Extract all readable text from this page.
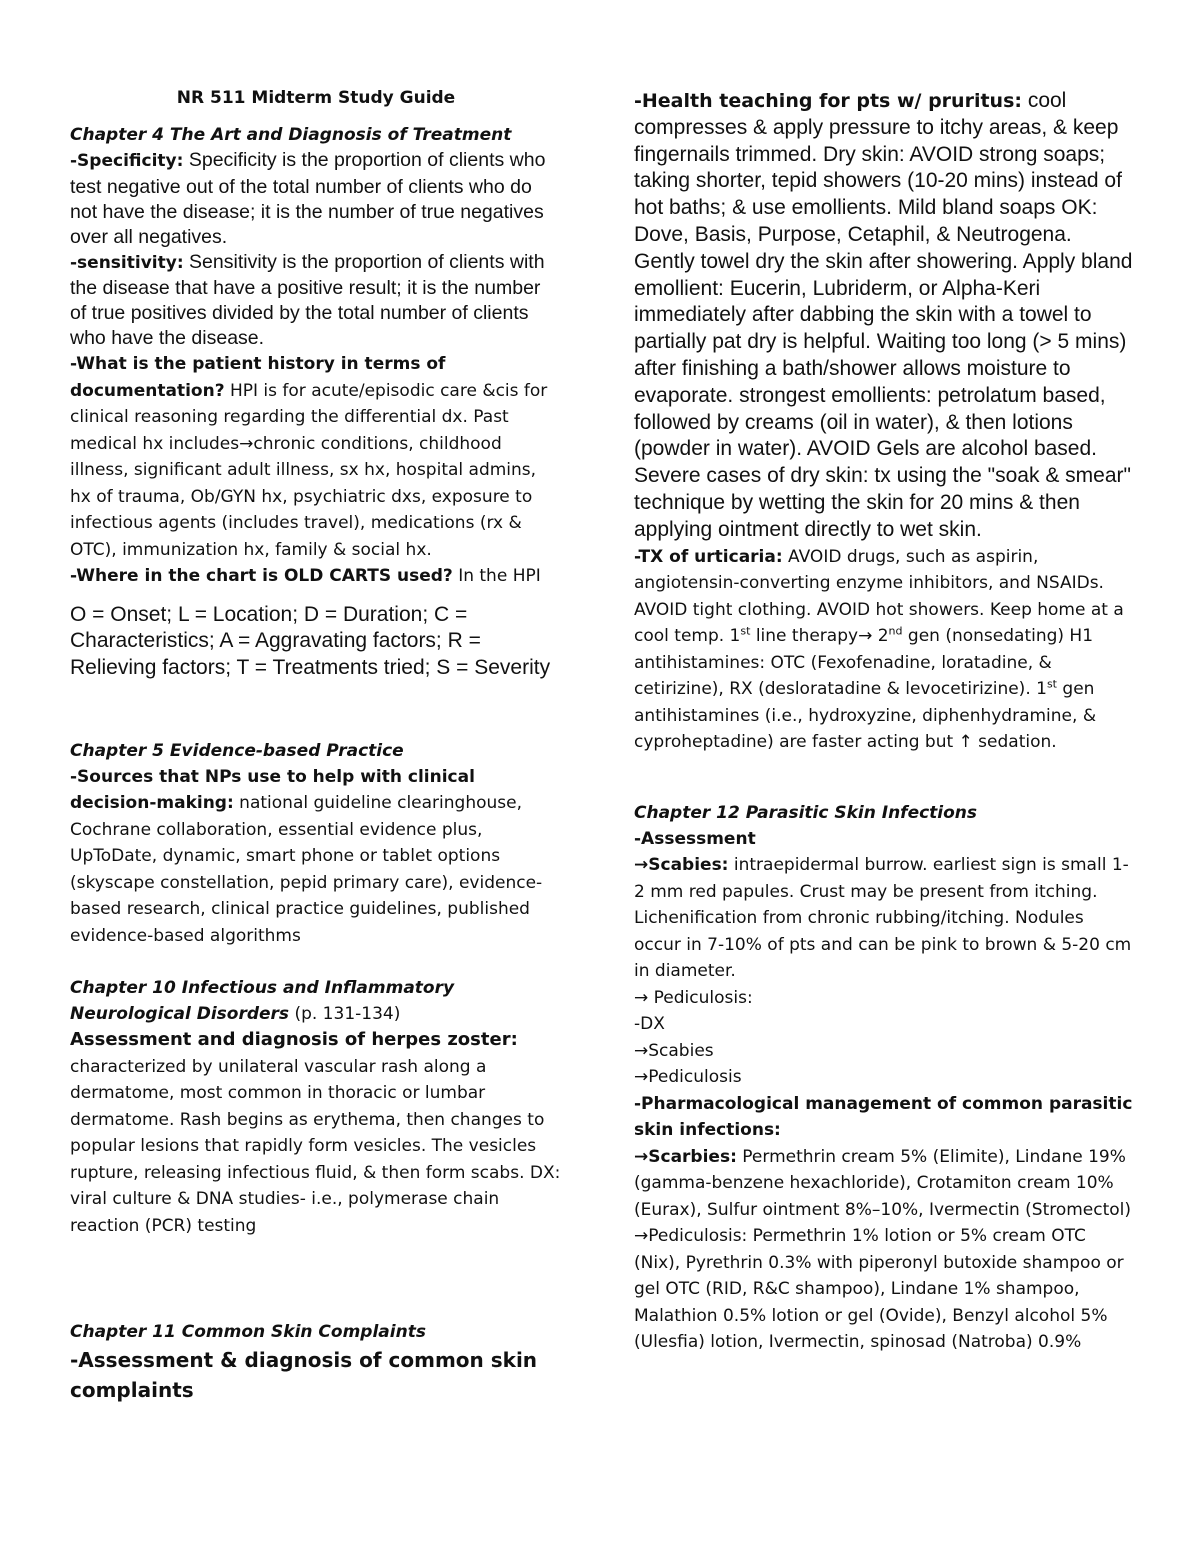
NR 511 Midterm Study Guide
Chapter 4 The Art and Diagnosis of Treatment

-Specificity: Specificity is the proportion of clients who test negative out of the total number of clients who do not have the disease; it is the number of true negatives over all negatives.

-sensitivity: Sensitivity is the proportion of clients with the disease that have a positive result; it is the number of true positives divided by the total number of clients who have the disease.

-What is the patient history in terms of documentation? HPI is for acute/episodic care &cis for clinical reasoning regarding the differential dx. Past medical hx includes→chronic conditions, childhood illness, significant adult illness, sx hx, hospital admins, hx of trauma, Ob/GYN hx, psychiatric dxs, exposure to infectious agents (includes travel), medications (rx & OTC), immunization hx, family & social hx.

-Where in the chart is OLD CARTS used? In the HPI

O = Onset; L = Location; D = Duration; C = Characteristics; A = Aggravating factors; R = Relieving factors; T = Treatments tried; S = Severity

Chapter 5 Evidence-based Practice

-Sources that NPs use to help with clinical decision-making: national guideline clearinghouse, Cochrane collaboration, essential evidence plus, UpToDate, dynamic, smart phone or tablet options (skyscape constellation, pepid primary care), evidence-based research, clinical practice guidelines, published evidence-based algorithms

Chapter 10 Infectious and Inflammatory Neurological Disorders (p. 131-134)

Assessment and diagnosis of herpes zoster:

characterized by unilateral vascular rash along a dermatome, most common in thoracic or lumbar dermatome. Rash begins as erythema, then changes to popular lesions that rapidly form vesicles. The vesicles rupture, releasing infectious fluid, & then form scabs. DX: viral culture & DNA studies- i.e., polymerase chain reaction (PCR) testing

Chapter 11 Common Skin Complaints

-Assessment & diagnosis of common skin complaints

-Health teaching for pts w/ pruritus: cool compresses & apply pressure to itchy areas, & keep fingernails trimmed. Dry skin: AVOID strong soaps; taking shorter, tepid showers (10-20 mins) instead of hot baths; & use emollients. Mild bland soaps OK: Dove, Basis, Purpose, Cetaphil, & Neutrogena. Gently towel dry the skin after showering. Apply bland emollient: Eucerin, Lubriderm, or Alpha-Keri immediately after dabbing the skin with a towel to partially pat dry is helpful. Waiting too long (> 5 mins) after finishing a bath/shower allows moisture to evaporate. strongest emollients: petrolatum based, followed by creams (oil in water), & then lotions (powder in water). AVOID Gels are alcohol based. Severe cases of dry skin: tx using the "soak & smear" technique by wetting the skin for 20 mins & then applying ointment directly to wet skin.

-TX of urticaria: AVOID drugs, such as aspirin, angiotensin-converting enzyme inhibitors, and NSAIDs. AVOID tight clothing. AVOID hot showers. Keep home at a cool temp. 1st line therapy→ 2nd gen (nonsedating) H1 antihistamines: OTC (Fexofenadine, loratadine, & cetirizine), RX (desloratadine & levocetirizine). 1st gen antihistamines (i.e., hydroxyzine, diphenhydramine, & cyproheptadine) are faster acting but ↑ sedation.

Chapter 12 Parasitic Skin Infections

-Assessment

→Scabies: intraepidermal burrow. earliest sign is small 1-2 mm red papules. Crust may be present from itching. Lichenification from chronic rubbing/itching. Nodules occur in 7-10% of pts and can be pink to brown & 5-20 cm in diameter.

→ Pediculosis:

-DX

→Scabies

→Pediculosis

-Pharmacological management of common parasitic skin infections:

→Scarbies: Permethrin cream 5% (Elimite), Lindane 19% (gamma-benzene hexachloride), Crotamiton cream 10% (Eurax), Sulfur ointment 8%–10%, Ivermectin (Stromectol)

→Pediculosis: Permethrin 1% lotion or 5% cream OTC (Nix), Pyrethrin 0.3% with piperonyl butoxide shampoo or gel OTC (RID, R&C shampoo), Lindane 1% shampoo, Malathion 0.5% lotion or gel (Ovide), Benzyl alcohol 5% (Ulesfia) lotion, Ivermectin, spinosad (Natroba) 0.9%
